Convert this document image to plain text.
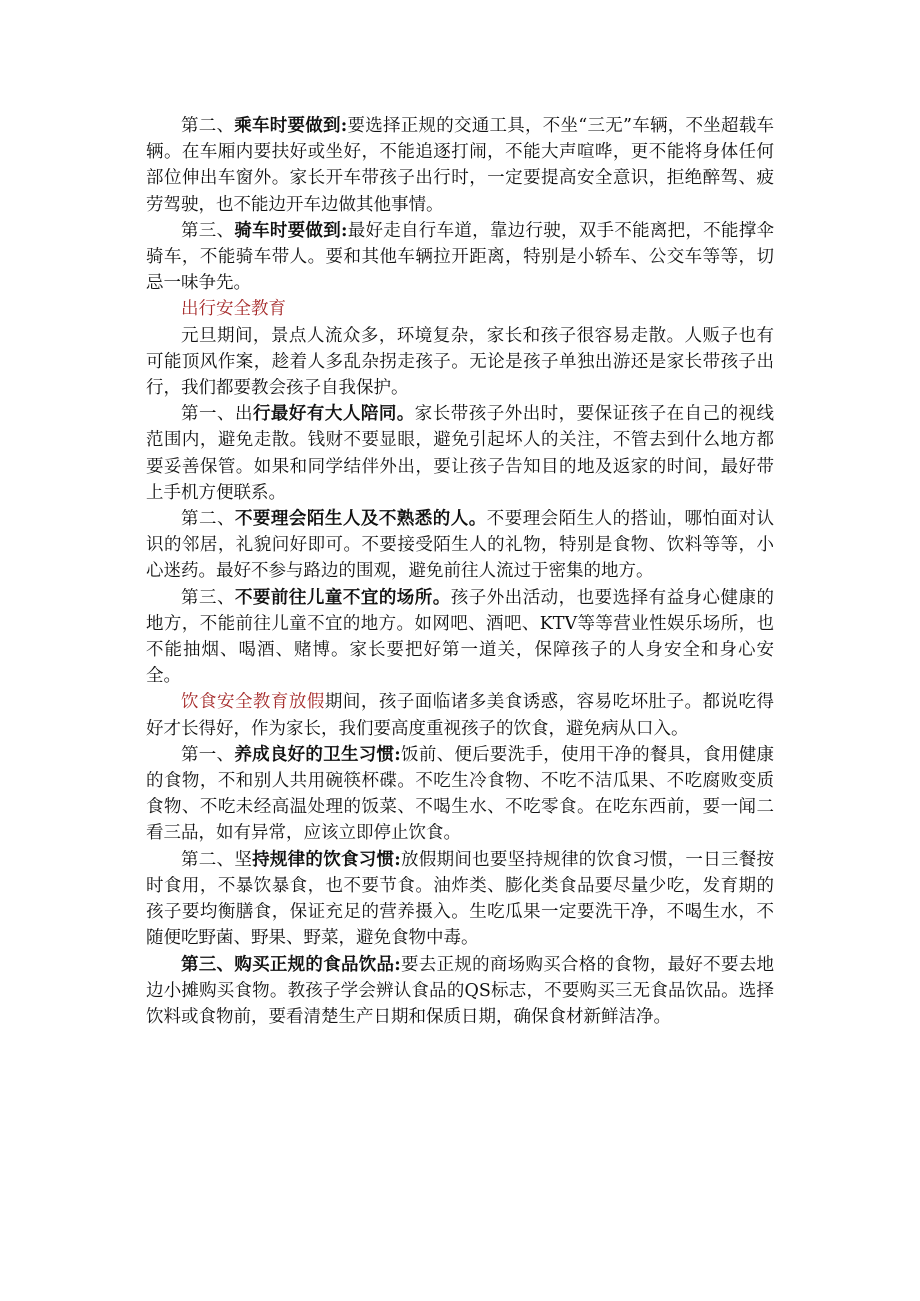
第二、乘车时要做到:要选择正规的交通工具，不坐“三无”车辆，不坐超载车辆。在车厢内要扶好或坐好，不能追逐打闹，不能大声喧哗，更不能将身体任何部位伸出车窗外。家长开车带孩子出行时，一定要提高安全意识，拒绝醉驾、疲劳驾驶，也不能边开车边做其他事情。

第三、骑车时要做到:最好走自行车道，靠边行驶，双手不能离把，不能撑伞骑车，不能骑车带人。要和其他车辆拉开距离，特别是小轿车、公交车等等，切忌一味争先。

出行安全教育

元旦期间，景点人流众多，环境复杂，家长和孩子很容易走散。人贩子也有可能顶风作案，趁着人多乱杂拐走孩子。无论是孩子单独出游还是家长带孩子出行，我们都要教会孩子自我保护。

第一、出行最好有大人陪同。家长带孩子外出时，要保证孩子在自己的视线范围内，避免走散。钱财不要显眼，避免引起坏人的关注，不管去到什么地方都要妥善保管。如果和同学结伴外出，要让孩子告知目的地及返家的时间，最好带上手机方便联系。

第二、不要理会陌生人及不熟悉的人。不要理会陌生人的搭讪，哪怕面对认识的邻居，礼貌问好即可。不要接受陌生人的礼物，特别是食物、饮料等等，小心迷药。最好不参与路边的围观，避免前往人流过于密集的地方。

第三、不要前往儿童不宜的场所。孩子外出活动，也要选择有益身心健康的地方，不能前往儿童不宜的地方。如网吧、酒吧、KTV等等营业性娱乐场所，也不能抽烟、喝酒、赌博。家长要把好第一道关，保障孩子的人身安全和身心安全。

饮食安全教育放假期间，孩子面临诸多美食诱惑，容易吃坏肚子。都说吃得好才长得好，作为家长，我们要高度重视孩子的饮食，避免病从口入。

第一、养成良好的卫生习惯:饭前、便后要洗手，使用干净的餐具，食用健康的食物，不和别人共用碗筷杯碟。不吃生冷食物、不吃不洁瓜果、不吃腐败变质食物、不吃未经高温处理的饭菜、不喝生水、不吃零食。在吃东西前，要一闻二看三品，如有异常，应该立即停止饮食。

第二、坚持规律的饮食习惯:放假期间也要坚持规律的饮食习惯，一日三餐按时食用，不暴饮暴食，也不要节食。油炸类、膨化类食品要尽量少吃，发育期的孩子要均衡膳食，保证充足的营养摄入。生吃瓜果一定要洗干净，不喝生水，不随便吃野菌、野果、野菜，避免食物中毒。

第三、购买正规的食品饮品:要去正规的商场购买合格的食物，最好不要去地边小摊购买食物。教孩子学会辨认食品的QS标志，不要购买三无食品饮品。选择饮料或食物前，要看清楚生产日期和保质日期，确保食材新鲜洁净。
